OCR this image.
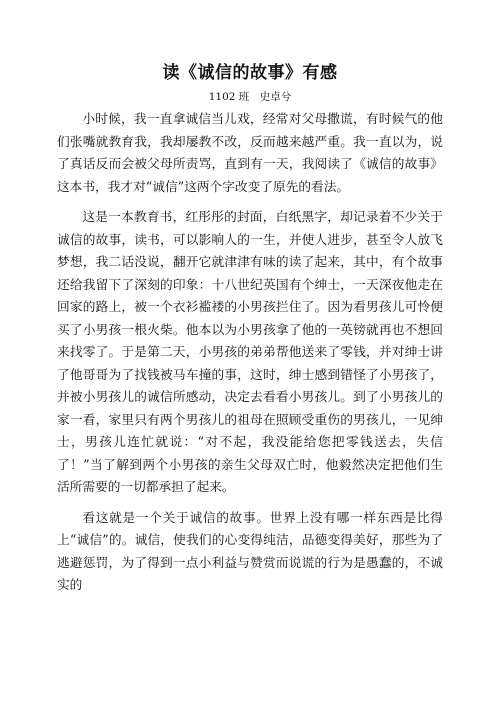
读《诚信的故事》有感
1102 班　史卓兮

小时候，我一直拿诚信当儿戏，经常对父母撒谎，有时候气的他们张嘴就教育我，我却屡教不改，反而越来越严重。我一直以为，说了真话反而会被父母所责骂，直到有一天，我阅读了《诚信的故事》这本书，我才对“诚信”这两个字改变了原先的看法。

这是一本教育书，红彤彤的封面，白纸黑字，却记录着不少关于诚信的故事，读书，可以影响人的一生，并使人进步，甚至令人放飞梦想，我二话没说，翻开它就津津有味的读了起来，其中，有个故事还给我留下了深刻的印象：十八世纪英国有个绅士，一天深夜他走在回家的路上，被一个衣衫褴褛的小男孩拦住了。因为看男孩儿可怜便买了小男孩一根火柴。他本以为小男孩拿了他的一英镑就再也不想回来找零了。于是第二天，小男孩的弟弟帮他送来了零钱，并对绅士讲了他哥哥为了找钱被马车撞的事，这时，绅士感到错怪了小男孩了，并被小男孩儿的诚信所感动，决定去看看小男孩儿。到了小男孩儿的家一看，家里只有两个男孩儿的祖母在照顾受重伤的男孩儿，一见绅士，男孩儿连忙就说：“对不起，我没能给您把零钱送去，失信了！”当了解到两个小男孩的亲生父母双亡时，他毅然决定把他们生活所需要的一切都承担了起来。

看这就是一个关于诚信的故事。世界上没有哪一样东西是比得上“诚信”的。诚信，使我们的心变得纯洁，品德变得美好，那些为了逃避惩罚，为了得到一点小利益与赞赏而说谎的行为是愚蠢的，不诚实的
